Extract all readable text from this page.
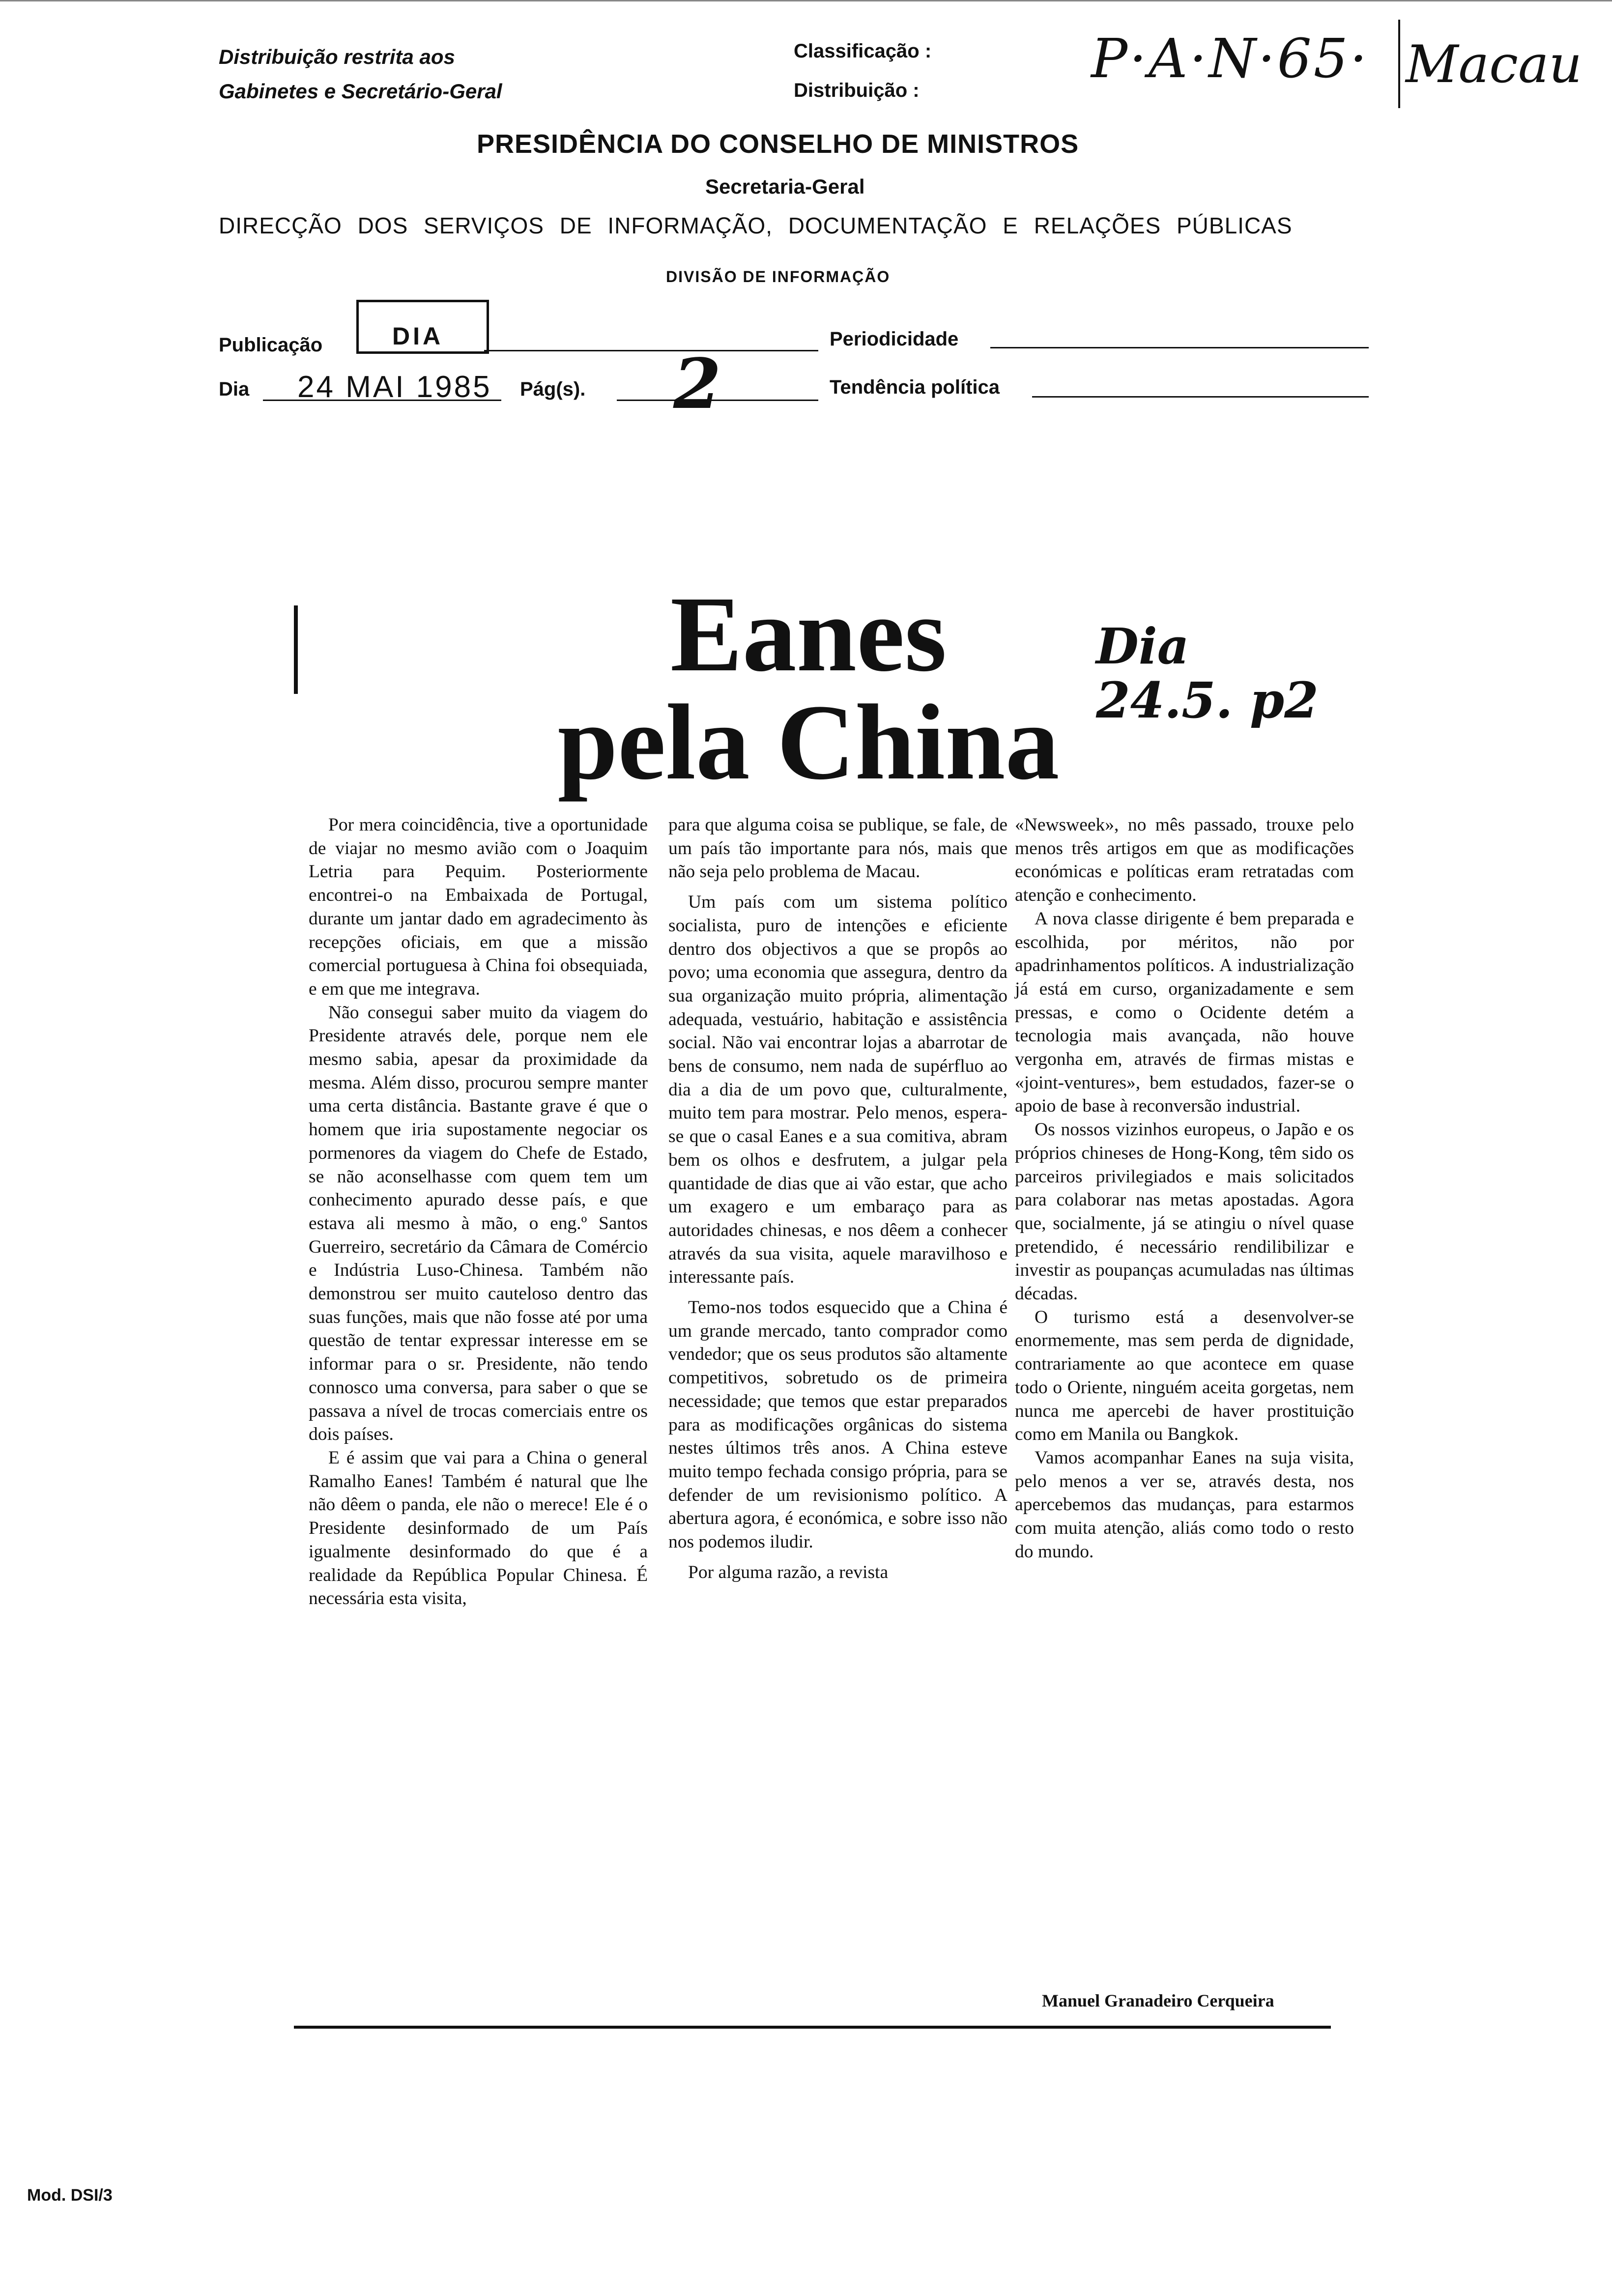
Distribuição restrita aos
Gabinetes e Secretário-Geral
Classificação :
Distribuição :
P·A·N·65· Macau
PRESIDÊNCIA DO CONSELHO DE MINISTROS
Secretaria-Geral
DIRECÇÃO DOS SERVIÇOS DE INFORMAÇÃO, DOCUMENTAÇÃO E RELAÇÕES PÚBLICAS
DIVISÃO DE INFORMAÇÃO
Publicação	DIA	Periodicidade
Dia 24 MAI 1985 Pág(s). 2	Tendência política
Eanes
pela China
Dia 24.5. p2

Por mera coincidência, tive a oportunidade de viajar no mesmo avião com o Joaquim Letria para Pequim. Posteriormente encontrei-o na Embaixada de Portugal, durante um jantar dado em agradecimento às recepções oficiais, em que a missão comercial portuguesa à China foi obsequiada, e em que me integrava.

Não consegui saber muito da viagem do Presidente através dele, porque nem ele mesmo sabia, apesar da proximidade da mesma. Além disso, procurou sempre manter uma certa distância. Bastante grave é que o homem que iria supostamente negociar os pormenores da viagem do Chefe de Estado, se não aconselhasse com quem tem um conhecimento apurado desse país, e que estava ali mesmo à mão, o eng.º Santos Guerreiro, secretário da Câmara de Comércio e Indústria Luso-Chinesa. Também não demonstrou ser muito cauteloso dentro das suas funções, mais que não fosse até por uma questão de tentar expressar interesse em se informar para o sr. Presidente, não tendo connosco uma conversa, para saber o que se passava a nível de trocas comerciais entre os dois países.

E é assim que vai para a China o general Ramalho Eanes! Também é natural que lhe não dêem o panda, ele não o merece! Ele é o Presidente desinformado de um País igualmente desinformado do que é a realidade da República Popular Chinesa. É necessária esta visita,

para que alguma coisa se publique, se fale, de um país tão importante para nós, mais que não seja pelo problema de Macau.

Um país com um sistema político socialista, puro de intenções e eficiente dentro dos objectivos a que se propôs ao povo; uma economia que assegura, dentro da sua organização muito própria, alimentação adequada, vestuário, habitação e assistência social. Não vai encontrar lojas a abarrotar de bens de consumo, nem nada de supérfluo ao dia a dia de um povo que, culturalmente, muito tem para mostrar. Pelo menos, espera-se que o casal Eanes e a sua comitiva, abram bem os olhos e desfrutem, a julgar pela quantidade de dias que ai vão estar, que acho um exagero e um embaraço para as autoridades chinesas, e nos dêem a conhecer através da sua visita, aquele maravilhoso e interessante país.

Temo-nos todos esquecido que a China é um grande mercado, tanto comprador como vendedor; que os seus produtos são altamente competitivos, sobretudo os de primeira necessidade; que temos que estar preparados para as modificações orgânicas do sistema nestes últimos três anos. A China esteve muito tempo fechada consigo própria, para se defender de um revisionismo político. A abertura agora, é económica, e sobre isso não nos podemos iludir.

Por alguma razão, a revista

«Newsweek», no mês passado, trouxe pelo menos três artigos em que as modificações económicas e políticas eram retratadas com atenção e conhecimento.

A nova classe dirigente é bem preparada e escolhida, por méritos, não por apadrinhamentos políticos. A industrialização já está em curso, organizadamente e sem pressas, e como o Ocidente detém a tecnologia mais avançada, não houve vergonha em, através de firmas mistas e «joint-ventures», bem estudados, fazer-se o apoio de base à reconversão industrial.

Os nossos vizinhos europeus, o Japão e os próprios chineses de Hong-Kong, têm sido os parceiros privilegiados e mais solicitados para colaborar nas metas apostadas. Agora que, socialmente, já se atingiu o nível quase pretendido, é necessário rendilibilizar e investir as poupanças acumuladas nas últimas décadas.

O turismo está a desenvolver-se enormemente, mas sem perda de dignidade, contrariamente ao que acontece em quase todo o Oriente, ninguém aceita gorgetas, nem nunca me apercebi de haver prostituição como em Manila ou Bangkok.

Vamos acompanhar Eanes na suja visita, pelo menos a ver se, através desta, nos apercebemos das mudanças, para estarmos com muita atenção, aliás como todo o resto do mundo.

Manuel Granadeiro Cerqueira
Mod. DSI/3
